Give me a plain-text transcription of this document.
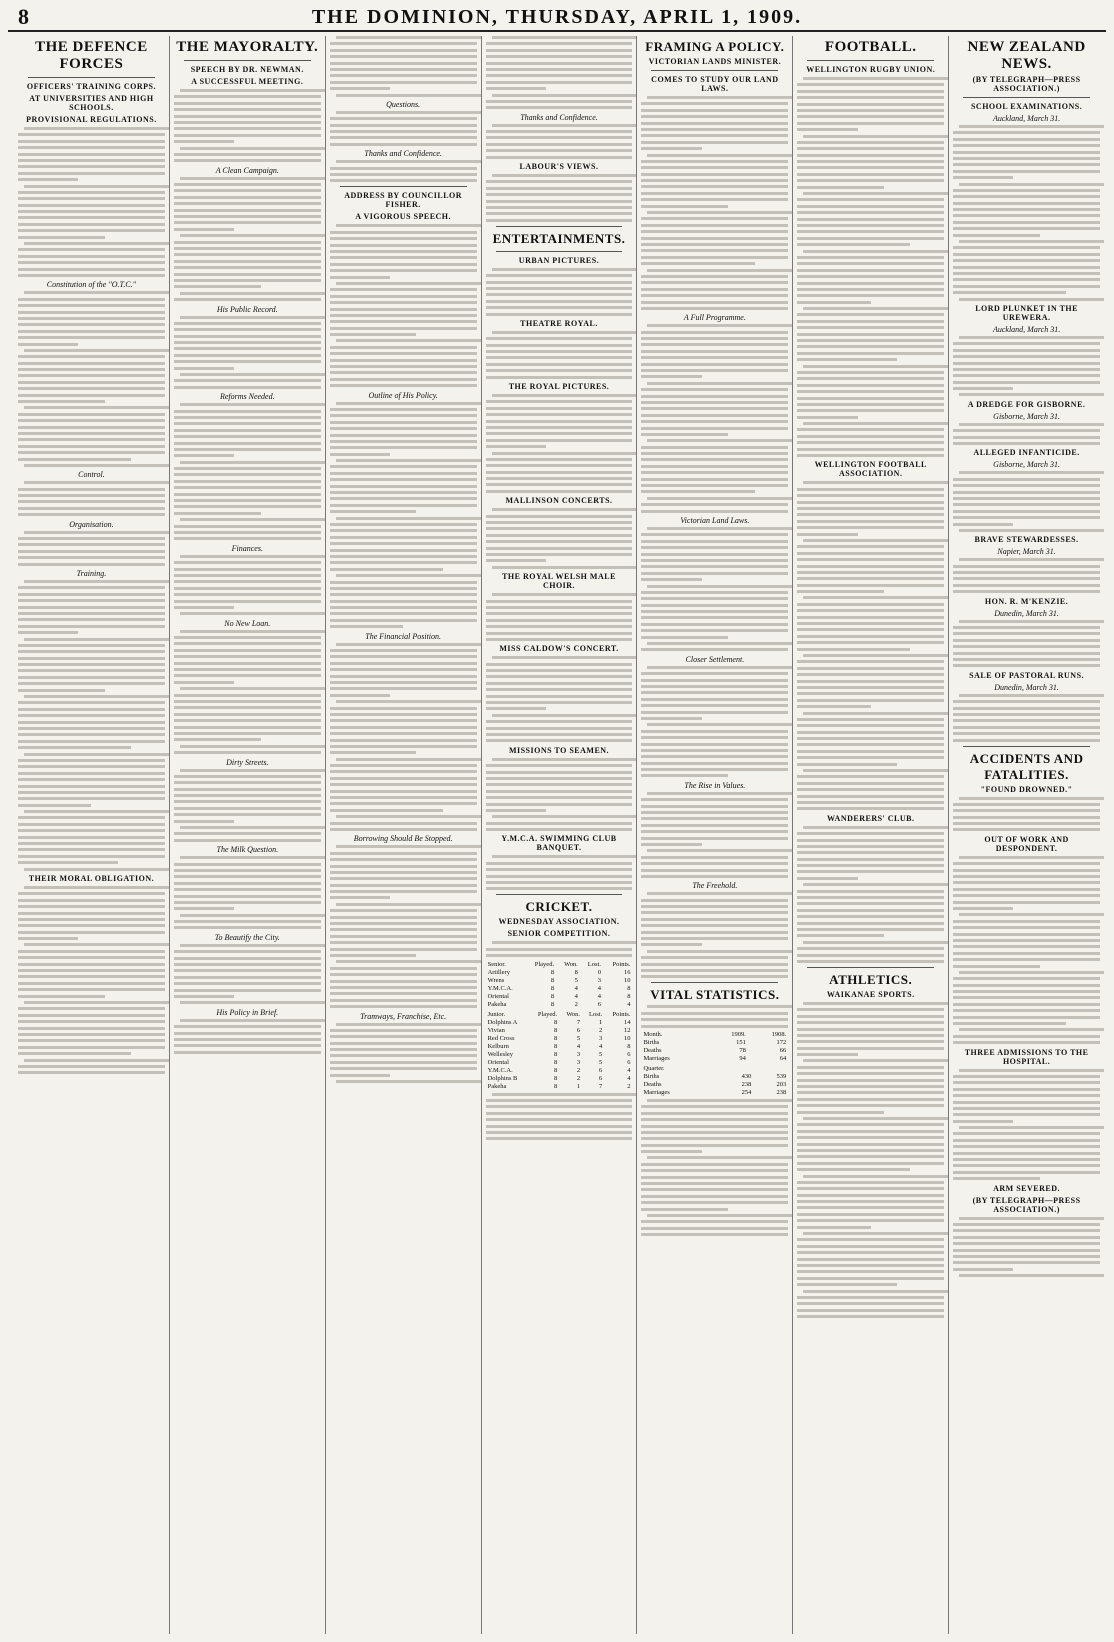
8	THE DOMINION, THURSDAY, APRIL 1, 1909.
THE DEFENCE FORCES
OFFICERS' TRAINING CORPS.
AT UNIVERSITIES AND HIGH SCHOOLS.
PROVISIONAL REGULATIONS.
Constitution of the "O.T.C."
Control.
Organisation.
Training.
THEIR MORAL OBLIGATION.
THE MAYORALTY.
SPEECH BY DR. NEWMAN.
A SUCCESSFUL MEETING.
A Clean Campaign.
His Public Record.
Reforms Needed.
Finances.
No New Loan.
Dirty Streets.
The Milk Question.
To Beautify the City.
His Policy in Brief.
Questions.
Thanks and Confidence.
ADDRESS BY COUNCILLOR FISHER.
A VIGOROUS SPEECH.
Outline of His Policy.
The Financial Position.
Borrowing Should Be Stopped.
Tramways, Franchise, Etc.
Thanks and Confidence.
LABOUR'S VIEWS.
ENTERTAINMENTS.
URBAN PICTURES.
THEATRE ROYAL.
THE ROYAL PICTURES.
MALLINSON CONCERTS.
THE ROYAL WELSH MALE CHOIR.
MISS CALDOW'S CONCERT.
MISSIONS TO SEAMEN.
Y.M.C.A. SWIMMING CLUB BANQUET.
CRICKET.
WEDNESDAY ASSOCIATION.
SENIOR COMPETITION.
Senior.	Played.	Won.	Lost.	Points.
Artillery	8	8	0	16
Wrens	8	5	3	10
Y.M.C.A.	8	4	4	8
Oriental	8	4	4	8
Pakeha	8	2	6	4
Junior.	Played.	Won.	Lost.	Points.
Dolphins A	8	7	1	14
Vivian	8	6	2	12
Red Cross	8	5	3	10
Kelburn	8	4	4	8
Wellesley	8	3	5	6
Oriental	8	3	5	6
Y.M.C.A.	8	2	6	4
Dolphins B	8	2	6	4
Pakeha	8	1	7	2
FRAMING A POLICY.
VICTORIAN LANDS MINISTER.
COMES TO STUDY OUR LAND LAWS.
A Full Programme.
Victorian Land Laws.
Closer Settlement.
The Rise in Values.
The Freehold.
VITAL STATISTICS.
Month.	1909.	1908.
Births	151	172
Deaths	78	66
Marriages	94	64
Quarter.		
Births	430	539
Deaths	238	203
Marriages	254	238
FOOTBALL.
WELLINGTON RUGBY UNION.
WELLINGTON FOOTBALL ASSOCIATION.
WANDERERS' CLUB.
ATHLETICS.
WAIKANAE SPORTS.
NEW ZEALAND NEWS.
(BY TELEGRAPH—PRESS ASSOCIATION.)
SCHOOL EXAMINATIONS.
Auckland, March 31.
LORD PLUNKET IN THE UREWERA.
Auckland, March 31.
A DREDGE FOR GISBORNE.
Gisborne, March 31.
ALLEGED INFANTICIDE.
Gisborne, March 31.
BRAVE STEWARDESSES.
Napier, March 31.
HON. R. M'KENZIE.
Dunedin, March 31.
SALE OF PASTORAL RUNS.
Dunedin, March 31.
ACCIDENTS AND FATALITIES.
"FOUND DROWNED."
OUT OF WORK AND DESPONDENT.
THREE ADMISSIONS TO THE HOSPITAL.
ARM SEVERED.
(BY TELEGRAPH—PRESS ASSOCIATION.)
